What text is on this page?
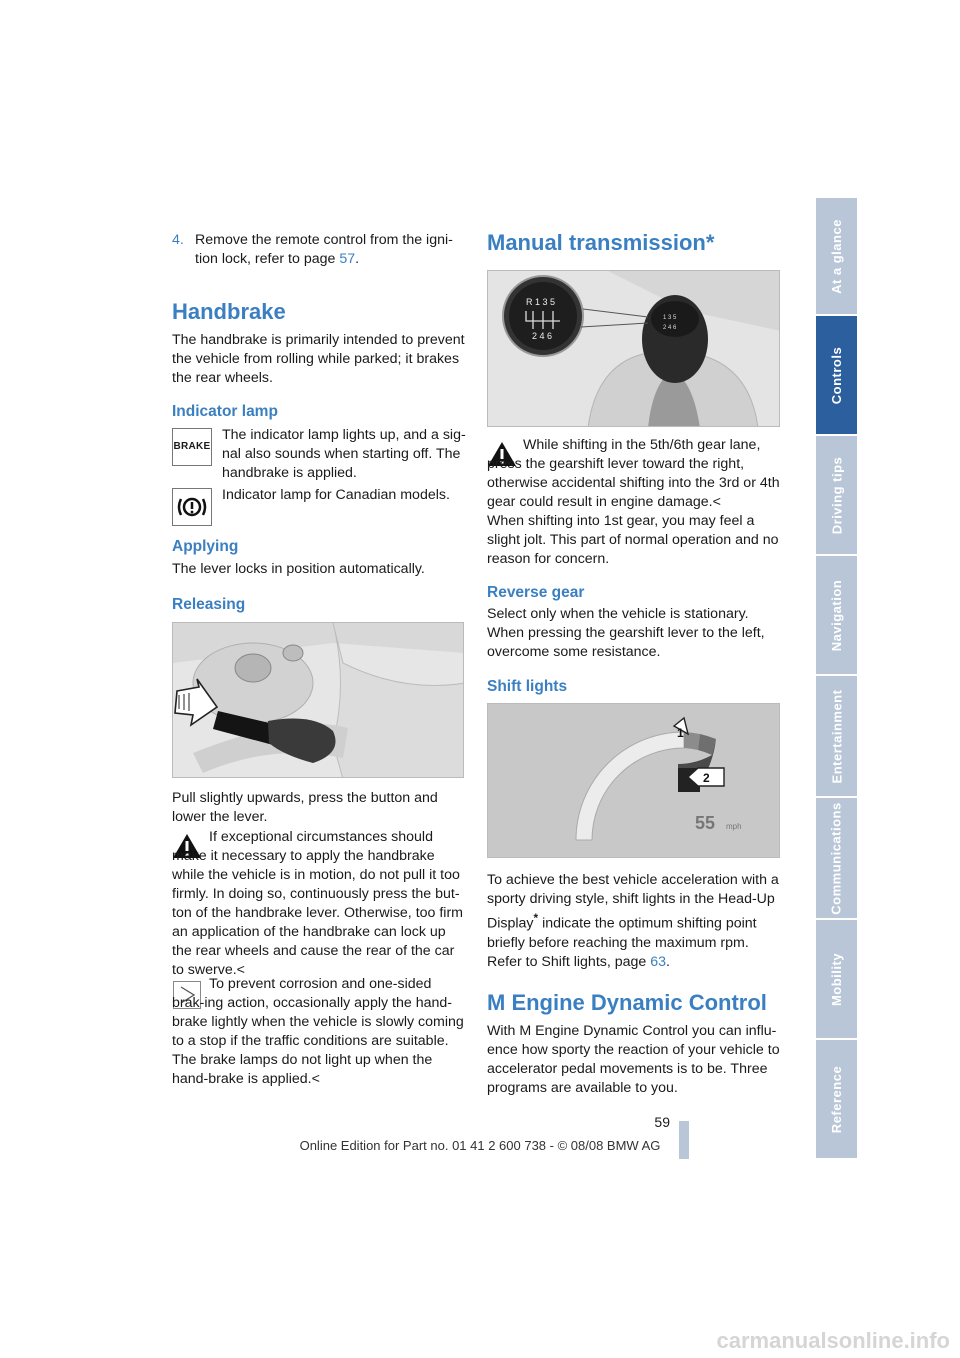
4. Remove the remote control from the igni-tion lock, refer to page 57.

Handbrake

The handbrake is primarily intended to prevent the vehicle from rolling while parked; it brakes the rear wheels.

Indicator lamp
BRAKE

The indicator lamp lights up, and a sig-nal also sounds when starting off. The handbrake is applied.

Indicator lamp for Canadian models.

Applying

The lever locks in position automatically.

Releasing

Pull slightly upwards, press the button and lower the lever.

If exceptional circumstances should make it necessary to apply the handbrake while the vehicle is in motion, do not pull it too firmly. In doing so, continuously press the but-ton of the handbrake lever. Otherwise, too firm an application of the handbrake can lock up the rear wheels and cause the rear of the car to swerve.<

To prevent corrosion and one-sided brak-ing action, occasionally apply the hand-brake lightly when the vehicle is slowly coming to a stop if the traffic conditions are suitable. The brake lamps do not light up when the hand-brake is applied.<

Manual transmission*
1 3 5
2 4 6
R 1 3 5
2 4 6

While shifting in the 5th/6th gear lane, press the gearshift lever toward the right, otherwise accidental shifting into the 3rd or 4th gear could result in engine damage.<

When shifting into 1st gear, you may feel a slight jolt. This part of normal operation and no reason for concern.

Reverse gear

Select only when the vehicle is stationary. When pressing the gearshift lever to the left, overcome some resistance.

Shift lights
1
2
55 mph

To achieve the best vehicle acceleration with a sporty driving style, shift lights in the Head-Up Display* indicate the optimum shifting point briefly before reaching the maximum rpm. Refer to Shift lights, page 63.

M Engine Dynamic Control

With M Engine Dynamic Control you can influ-ence how sporty the reaction of your vehicle to accelerator pedal movements is to be. Three programs are available to you.

At a glance
Controls
Driving tips
Navigation
Entertainment
Communications
Mobility
Reference
59
Online Edition for Part no. 01 41 2 600 738 - © 08/08 BMW AG
carmanualsonline.info
